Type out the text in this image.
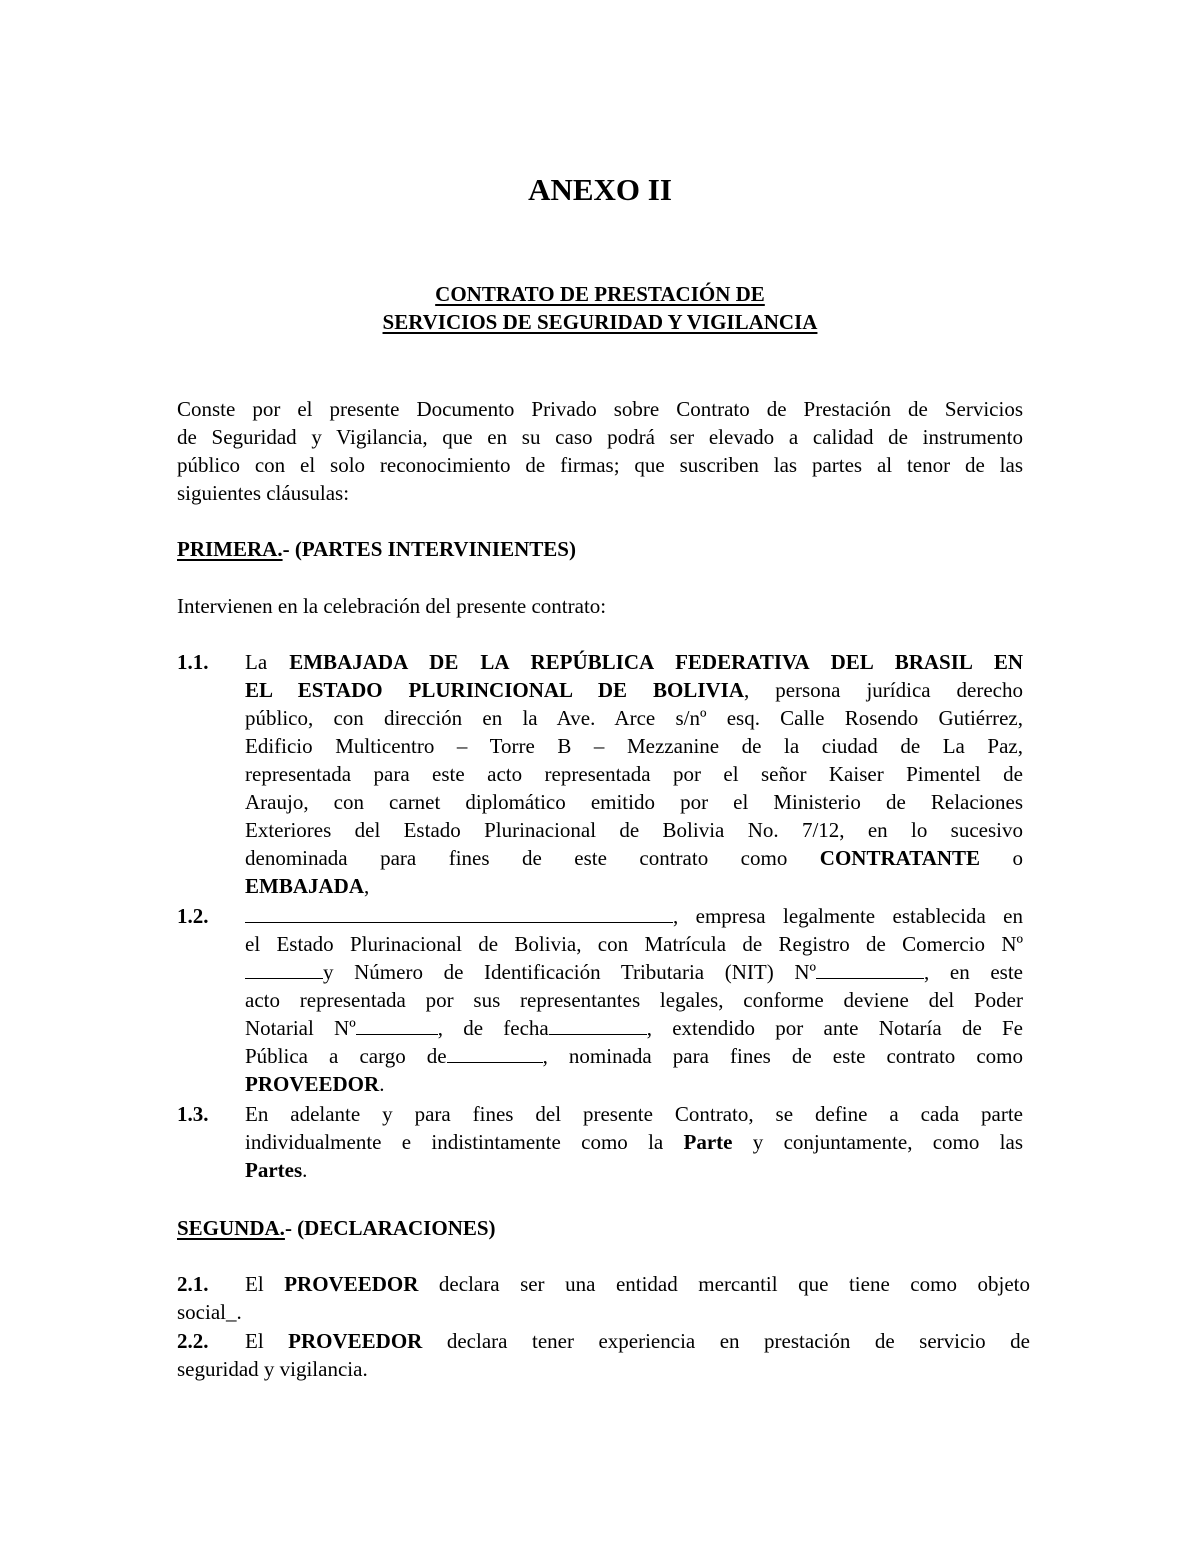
ANEXO II
CONTRATO DE PRESTACIÓN DE
SERVICIOS DE SEGURIDAD Y VIGILANCIA
Conste por el presente Documento Privado sobre Contrato de Prestación de Servicios
de Seguridad y Vigilancia, que en su caso podrá ser elevado a calidad de instrumento
público con el solo reconocimiento de firmas; que suscriben las partes al tenor de las
siguientes cláusulas:
PRIMERA.- (PARTES INTERVINIENTES)
Intervienen en la celebración del presente contrato:
1.1. La EMBAJADA DE LA REPÚBLICA FEDERATIVA DEL BRASIL EN
EL ESTADO PLURINCIONAL DE BOLIVIA, persona jurídica derecho
público, con dirección en la Ave. Arce s/nº esq. Calle Rosendo Gutiérrez,
Edificio Multicentro – Torre B – Mezzanine de la ciudad de La Paz,
representada para este acto representada por el señor Kaiser Pimentel de
Araujo, con carnet diplomático emitido por el Ministerio de Relaciones
Exteriores del Estado Plurinacional de Bolivia No. 7/12, en lo sucesivo
denominada para fines de este contrato como CONTRATANTE o
EMBAJADA,
1.2.	, empresa legalmente establecida en
el Estado Plurinacional de Bolivia, con Matrícula de Registro de Comercio Nº
y Número de Identificación Tributaria (NIT) Nº	, en este
acto representada por sus representantes legales, conforme deviene del Poder
Notarial Nº	, de fecha	, extendido por ante Notaría de Fe
Pública a cargo de	, nominada para fines de este contrato como
PROVEEDOR.
1.3. En adelante y para fines del presente Contrato, se define a cada parte
individualmente e indistintamente como la Parte y conjuntamente, como las
Partes.
SEGUNDA.- (DECLARACIONES)
2.1. El PROVEEDOR declara ser una entidad mercantil que tiene como objeto
social_.
2.2. El PROVEEDOR declara tener experiencia en prestación de servicio de
seguridad y vigilancia.
